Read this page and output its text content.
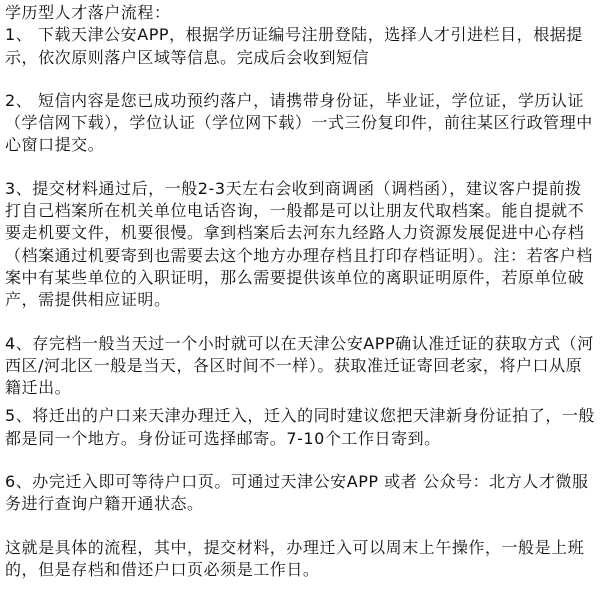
学历型人才落户流程：

1、 下载天津公安APP，根据学历证编号注册登陆，选择人才引进栏目，根据提示，依次原则落户区域等信息。完成后会收到短信

2、 短信内容是您已成功预约落户，请携带身份证，毕业证，学位证，学历认证（学信网下载），学位认证（学位网下载）一式三份复印件，前往某区行政管理中心窗口提交。

3、提交材料通过后，一般2-3天左右会收到商调函（调档函），建议客户提前拨打自己档案所在机关单位电话咨询，一般都是可以让朋友代取档案。能自提就不要走机要文件，机要很慢。拿到档案后去河东九经路人力资源发展促进中心存档（档案通过机要寄到也需要去这个地方办理存档且打印存档证明）。注：若客户档案中有某些单位的入职证明，那么需要提供该单位的离职证明原件，若原单位破产，需提供相应证明。

4、存完档一般当天过一个小时就可以在天津公安APP确认准迁证的获取方式（河西区/河北区一般是当天，各区时间不一样）。获取准迁证寄回老家，将户口从原籍迁出。

5、将迁出的户口来天津办理迁入，迁入的同时建议您把天津新身份证拍了，一般都是同一个地方。身份证可选择邮寄。7-10个工作日寄到。

6、办完迁入即可等待户口页。可通过天津公安APP 或者 公众号：北方人才微服务进行查询户籍开通状态。

这就是具体的流程，其中，提交材料，办理迁入可以周末上午操作，一般是上班的，但是存档和借还户口页必须是工作日。
